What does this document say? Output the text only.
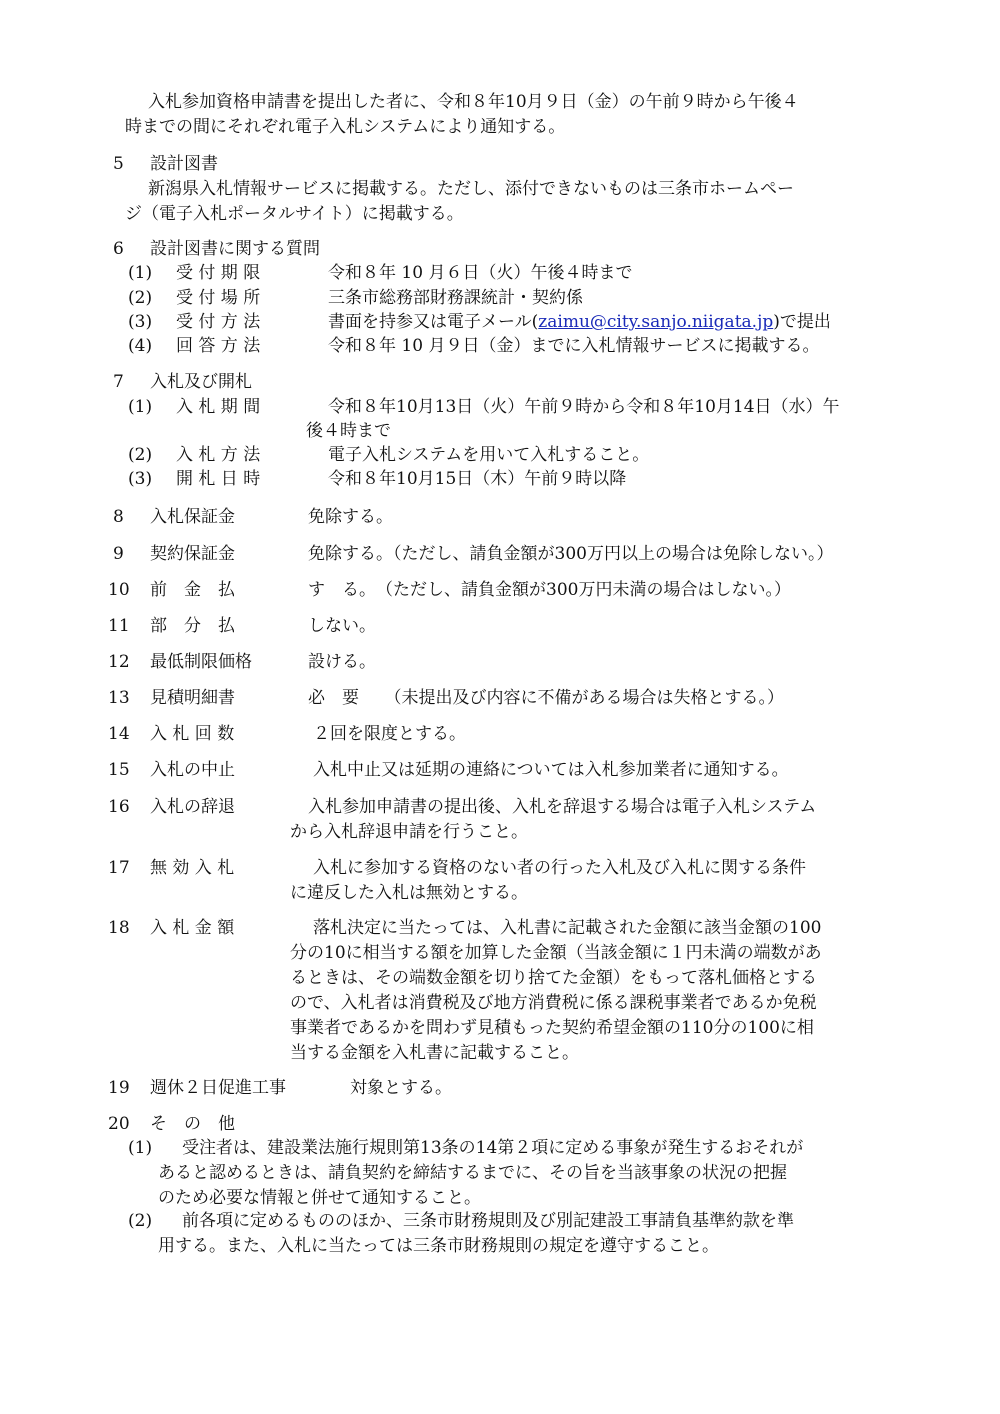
入札参加資格申請書を提出した者に、令和８年10月９日（金）の午前９時から午後４
時までの間にそれぞれ電子入札システムにより通知する。
5 設計図書
新潟県入札情報サービスに掲載する。ただし、添付できないものは三条市ホームペー
ジ（電子入札ポータルサイト）に掲載する。
6 設計図書に関する質問
(1) 受 付 期 限	令和８年 10 月６日（火）午後４時まで
(2) 受 付 場 所	三条市総務部財務課統計・契約係
(3) 受 付 方 法	書面を持参又は電子メール(zaimu@city.sanjo.niigata.jp)で提出
(4) 回 答 方 法	令和８年 10 月９日（金）までに入札情報サービスに掲載する。
7 入札及び開札
(1) 入 札 期 間	令和８年10月13日（火）午前９時から令和８年10月14日（水）午
後４時まで
(2) 入 札 方 法	電子入札システムを用いて入札すること。
(3) 開 札 日 時	令和８年10月15日（木）午前９時以降
8 入札保証金	免除する。
9 契約保証金	免除する。（ただし、請負金額が300万円以上の場合は免除しない。）
10 前　金　払	す　る。　（ただし、請負金額が300万円未満の場合はしない。）
11 部　分　払	しない。
12 最低制限価格	設ける。
13 見積明細書	必　要　　（未提出及び内容に不備がある場合は失格とする。）
14 入 札 回 数	２回を限度とする。
15 入札の中止	入札中止又は延期の連絡については入札参加業者に通知する。
16 入札の辞退	入札参加申請書の提出後、入札を辞退する場合は電子入札システム
から入札辞退申請を行うこと。
17 無 効 入 札	入札に参加する資格のない者の行った入札及び入札に関する条件
に違反した入札は無効とする。
18 入 札 金 額	落札決定に当たっては、入札書に記載された金額に該当金額の100
分の10に相当する額を加算した金額（当該金額に１円未満の端数があ
るときは、その端数金額を切り捨てた金額）をもって落札価格とする
ので、入札者は消費税及び地方消費税に係る課税事業者であるか免税
事業者であるかを問わず見積もった契約希望金額の110分の100に相
当する金額を入札書に記載すること。
19 週休２日促進工事	対象とする。
20 そ　の　他
(1) 受注者は、建設業法施行規則第13条の14第２項に定める事象が発生するおそれが
あると認めるときは、請負契約を締結するまでに、その旨を当該事象の状況の把握
のため必要な情報と併せて通知すること。
(2) 前各項に定めるもののほか、三条市財務規則及び別記建設工事請負基準約款を準
用する。また、入札に当たっては三条市財務規則の規定を遵守すること。
